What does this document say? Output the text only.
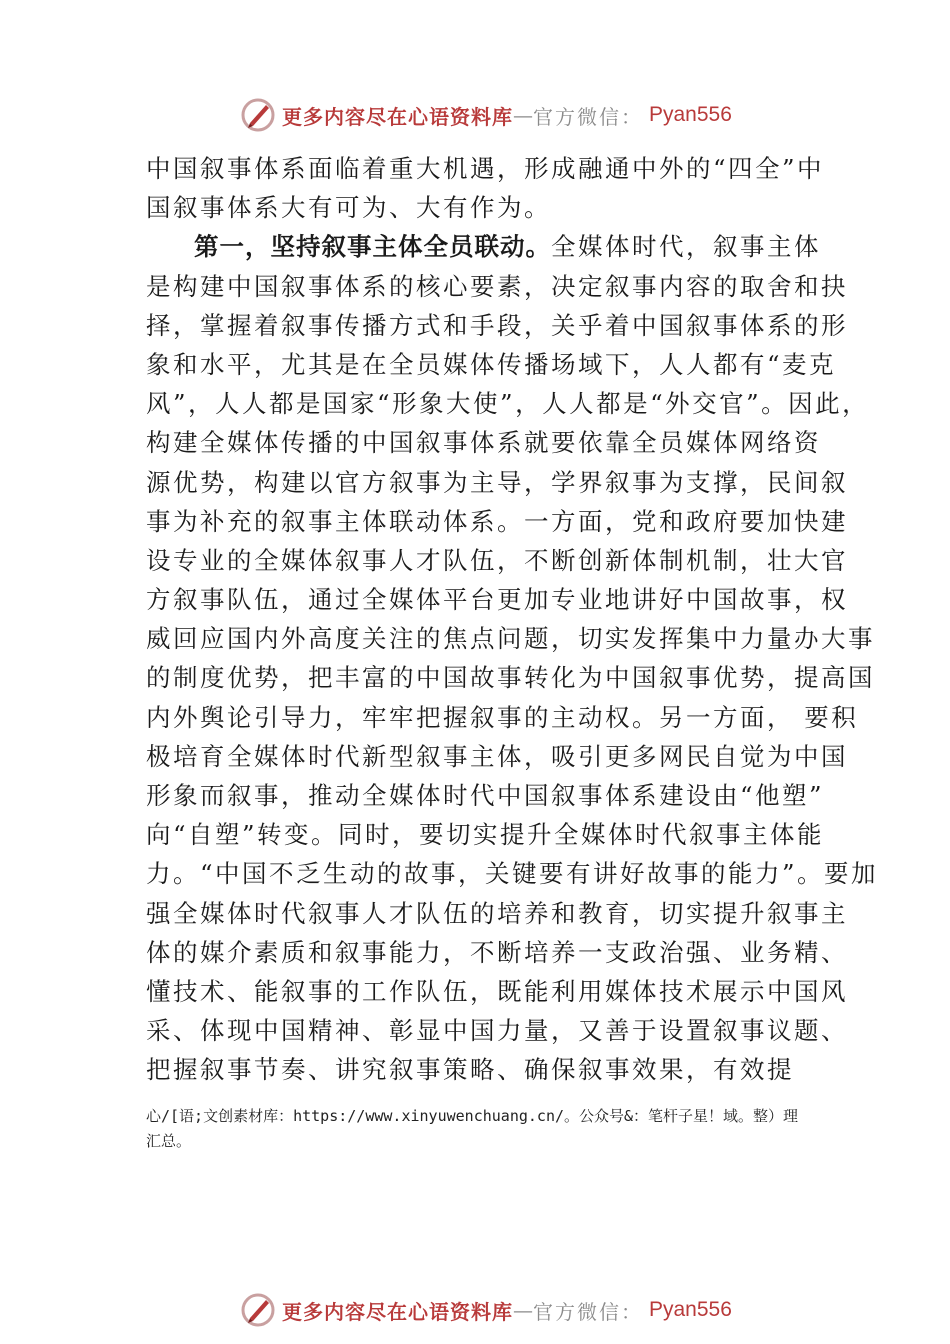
更多内容尽在心语资料库 — 官方微信： Pyan556
中国叙事体系面临着重大机遇，形成融通中外的“四全”中
国叙事体系大有可为、大有作为。
第一，坚持叙事主体全员联动。全媒体时代，叙事主体
是构建中国叙事体系的核心要素，决定叙事内容的取舍和抉
择，掌握着叙事传播方式和手段，关乎着中国叙事体系的形
象和水平，尤其是在全员媒体传播场域下，人人都有“麦克
风”，人人都是国家“形象大使”，人人都是“外交官”。因此，
构建全媒体传播的中国叙事体系就要依靠全员媒体网络资
源优势，构建以官方叙事为主导，学界叙事为支撑，民间叙
事为补充的叙事主体联动体系。一方面，党和政府要加快建
设专业的全媒体叙事人才队伍，不断创新体制机制，壮大官
方叙事队伍，通过全媒体平台更加专业地讲好中国故事，权
威回应国内外高度关注的焦点问题，切实发挥集中力量办大事
的制度优势，把丰富的中国故事转化为中国叙事优势，提高国
内外舆论引导力，牢牢把握叙事的主动权。另一方面， 要积
极培育全媒体时代新型叙事主体，吸引更多网民自觉为中国
形象而叙事，推动全媒体时代中国叙事体系建设由“他塑”
向“自塑”转变。同时，要切实提升全媒体时代叙事主体能
力。“中国不乏生动的故事，关键要有讲好故事的能力”。要加
强全媒体时代叙事人才队伍的培养和教育，切实提升叙事主
体的媒介素质和叙事能力，不断培养一支政治强、业务精、
懂技术、能叙事的工作队伍，既能利用媒体技术展示中国风
采、体现中国精神、彰显中国力量，又善于设置叙事议题、
把握叙事节奏、讲究叙事策略、确保叙事效果，有效提
心/[语;文创素材库：https://www.xinyuwenchuang.cn/。公众号&：笔杆子星！域。整）理
汇总。
更多内容尽在心语资料库 — 官方微信： Pyan556
